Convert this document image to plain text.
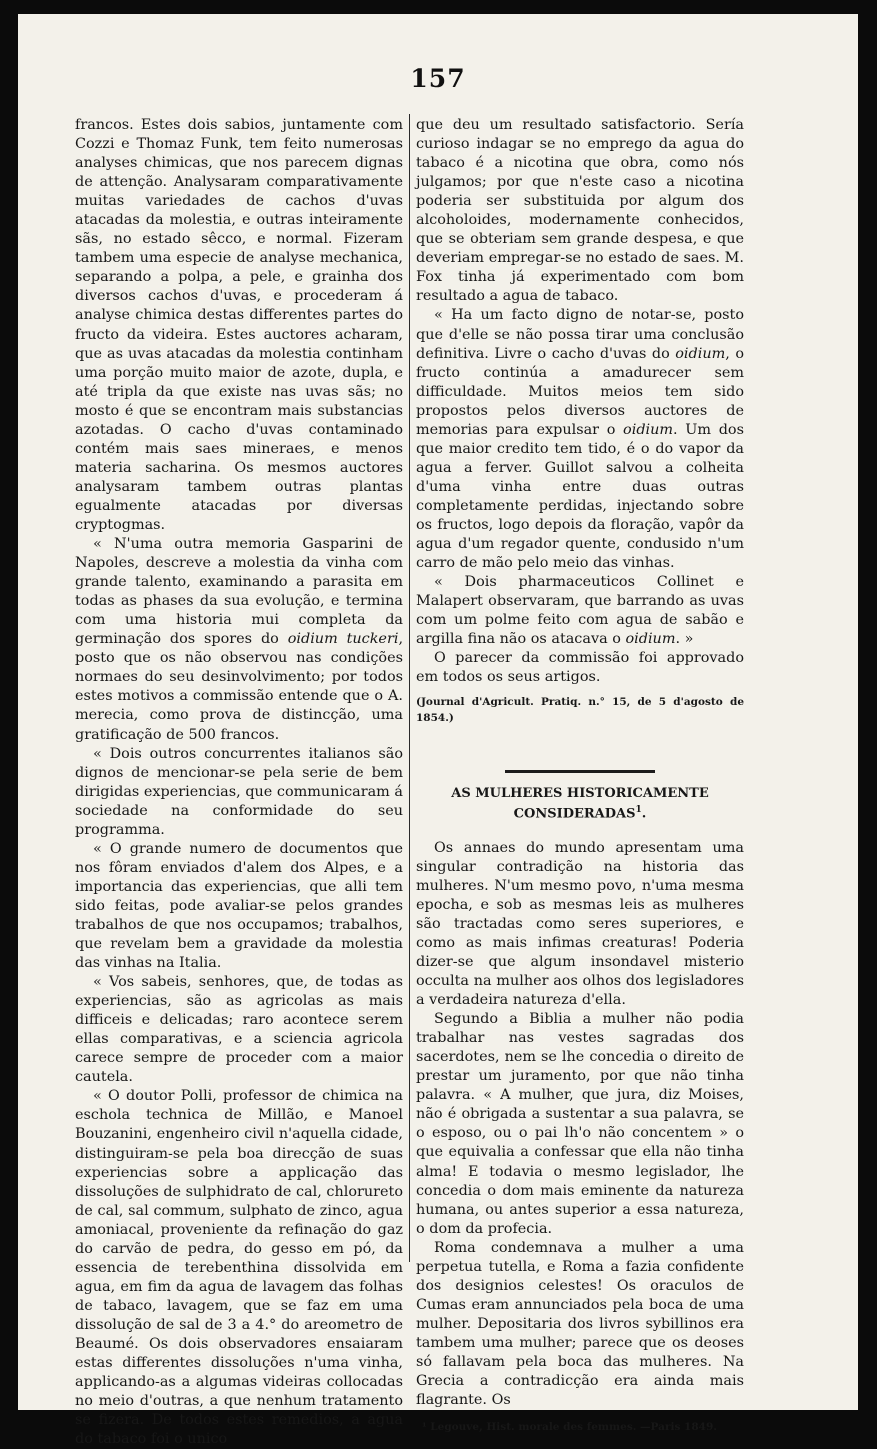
157

francos. Estes dois sabios, juntamente com Cozzi e Thomaz Funk, tem feito numerosas analyses chimicas, que nos parecem dignas de attenção. Analysaram comparativamente muitas variedades de cachos d'uvas atacadas da molestia, e outras inteiramente sãs, no estado sêcco, e normal. Fizeram tambem uma especie de analyse mechanica, separando a polpa, a pele, e grainha dos diversos cachos d'uvas, e procederam á analyse chimica destas differentes partes do fructo da videira. Estes auctores acharam, que as uvas atacadas da molestia continham uma porção muito maior de azote, dupla, e até tripla da que existe nas uvas sãs; no mosto é que se encontram mais substancias azotadas. O cacho d'uvas contaminado contém mais saes mineraes, e menos materia sacharina. Os mesmos auctores analysaram tambem outras plantas egualmente atacadas por diversas cryptogmas.

« N'uma outra memoria Gasparini de Napoles, descreve a molestia da vinha com grande talento, examinando a parasita em todas as phases da sua evolução, e termina com uma historia mui completa da germinação dos spores do oidium tuckeri, posto que os não observou nas condições normaes do seu desinvolvimento; por todos estes motivos a commissão entende que o A. merecia, como prova de distincção, uma gratificação de 500 francos.

« Dois outros concurrentes italianos são dignos de mencionar-se pela serie de bem dirigidas experiencias, que communicaram á sociedade na conformidade do seu programma.

« O grande numero de documentos que nos fôram enviados d'alem dos Alpes, e a importancia das experiencias, que alli tem sido feitas, pode avaliar-se pelos grandes trabalhos de que nos occupamos; trabalhos, que revelam bem a gravidade da molestia das vinhas na Italia.

« Vos sabeis, senhores, que, de todas as experiencias, são as agricolas as mais difficeis e delicadas; raro acontece serem ellas comparativas, e a sciencia agricola carece sempre de proceder com a maior cautela.

« O doutor Polli, professor de chimica na eschola technica de Millão, e Manoel Bouzanini, engenheiro civil n'aquella cidade, distinguiram-se pela boa direcção de suas experiencias sobre a applicação das dissoluções de sulphidrato de cal, chlorureto de cal, sal commum, sulphato de zinco, agua amoniacal, proveniente da refinação do gaz do carvão de pedra, do gesso em pó, da essencia de terebenthina dissolvida em agua, em fim da agua de lavagem das folhas de tabaco, lavagem, que se faz em uma dissolução de sal de 3 a 4.° do areometro de Beaumé. Os dois observadores ensaiaram estas differentes dissoluções n'uma vinha, applicando-as a algumas videiras collocadas no meio d'outras, a que nenhum tratamento se fizera. De todos estes remedios, a agua do tabaco foi o unico

que deu um resultado satisfactorio. Sería curioso indagar se no emprego da agua do tabaco é a nicotina que obra, como nós julgamos; por que n'este caso a nicotina poderia ser substituida por algum dos alcoholoides, modernamente conhecidos, que se obteriam sem grande despesa, e que deveriam empregar-se no estado de saes. M. Fox tinha já experimentado com bom resultado a agua de tabaco.

« Ha um facto digno de notar-se, posto que d'elle se não possa tirar uma conclusão definitiva. Livre o cacho d'uvas do oidium, o fructo continúa a amadurecer sem difficuldade. Muitos meios tem sido propostos pelos diversos auctores de memorias para expulsar o oidium. Um dos que maior credito tem tido, é o do vapor da agua a ferver. Guillot salvou a colheita d'uma vinha entre duas outras completamente perdidas, injectando sobre os fructos, logo depois da floração, vapôr da agua d'um regador quente, condusido n'um carro de mão pelo meio das vinhas.

« Dois pharmaceuticos Collinet e Malapert observaram, que barrando as uvas com um polme feito com agua de sabão e argilla fina não os atacava o oidium. »

O parecer da commissão foi approvado em todos os seus artigos.

(Journal d'Agricult. Pratiq. n.° 15, de 5 d'agosto de 1854.)

AS MULHERES HISTORICAMENTE
CONSIDERADAS$^1$.

Os annaes do mundo apresentam uma singular contradição na historia das mulheres. N'um mesmo povo, n'uma mesma epocha, e sob as mesmas leis as mulheres são tractadas como seres superiores, e como as mais infimas creaturas! Poderia dizer-se que algum insondavel misterio occulta na mulher aos olhos dos legisladores a verdadeira natureza d'ella.

Segundo a Biblia a mulher não podia trabalhar nas vestes sagradas dos sacerdotes, nem se lhe concedia o direito de prestar um juramento, por que não tinha palavra. « A mulher, que jura, diz Moises, não é obrigada a sustentar a sua palavra, se o esposo, ou o pai lh'o não concentem » o que equivalia a confessar que ella não tinha alma! E todavia o mesmo legislador, lhe concedia o dom mais eminente da natureza humana, ou antes superior a essa natureza, o dom da profecia.

Roma condemnava a mulher a uma perpetua tutella, e Roma a fazia confidente dos designios celestes! Os oraculos de Cumas eram annunciados pela boca de uma mulher. Depositaria dos livros sybillinos era tambem uma mulher; parece que os deoses só fallavam pela boca das mulheres. Na Grecia a contradicção era ainda mais flagrante. Os

¹ Legouve, Hist. morale des femmes. —Paris 1849.
